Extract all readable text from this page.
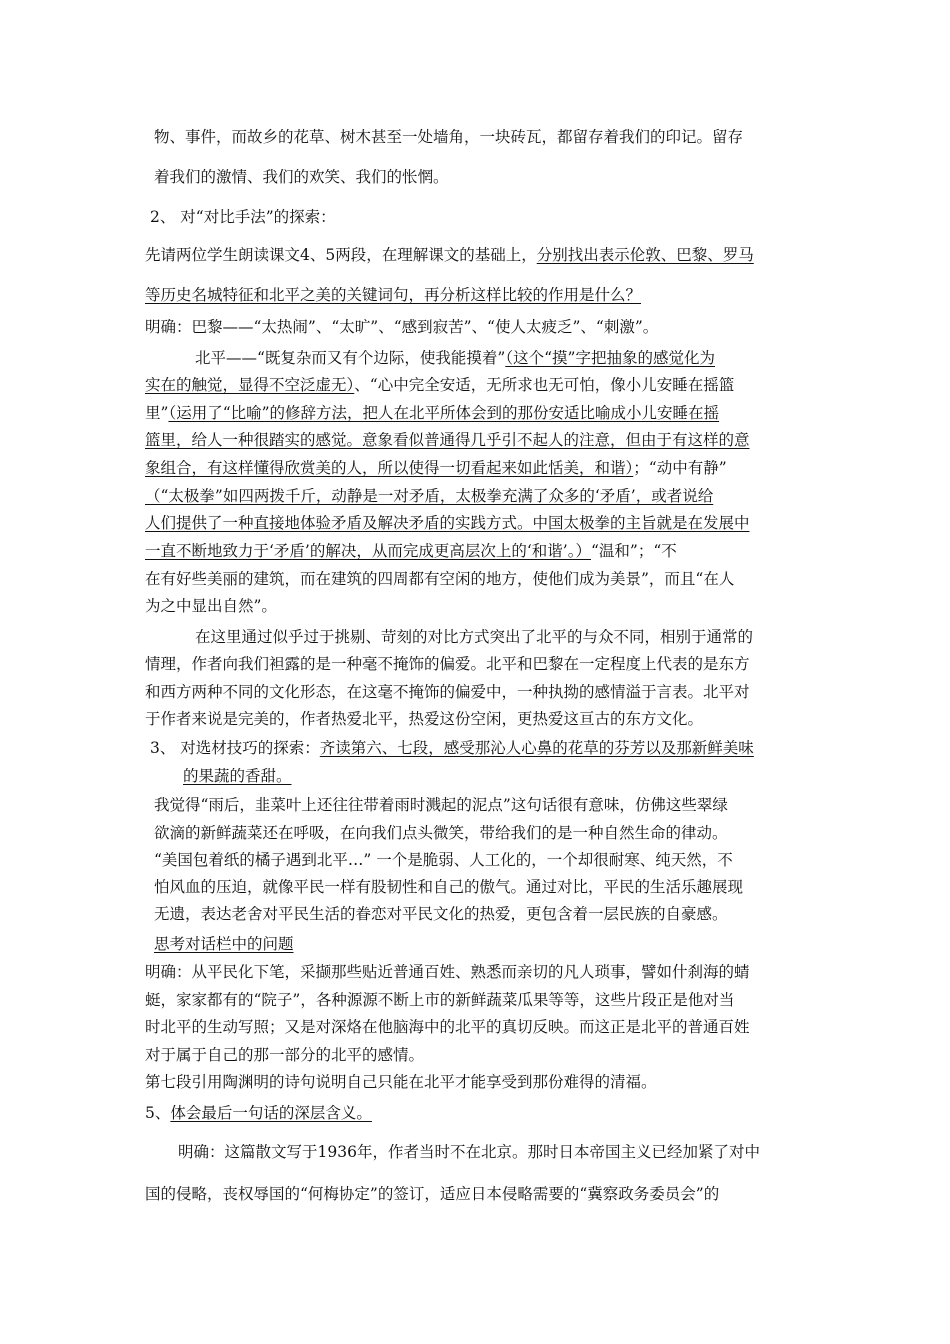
物、事件，而故乡的花草、树木甚至一处墙角，一块砖瓦，都留存着我们的印记。留存
着我们的激情、我们的欢笑、我们的怅惘。
2、 对“对比手法”的探索：
先请两位学生朗读课文4、5两段，在理解课文的基础上，分别找出表示伦敦、巴黎、罗马
等历史名城特征和北平之美的关键词句，再分析这样比较的作用是什么？
明确：巴黎——“太热闹”、“太旷”、“感到寂苦”、“使人太疲乏”、“刺激”。
北平——“既复杂而又有个边际，使我能摸着”（这个“摸”字把抽象的感觉化为
实在的触觉，显得不空泛虚无）、“心中完全安适，无所求也无可怕，像小儿安睡在摇篮
里”（运用了“比喻”的修辞方法，把人在北平所体会到的那份安适比喻成小儿安睡在摇
篮里，给人一种很踏实的感觉。意象看似普通得几乎引不起人的注意，但由于有这样的意
象组合，有这样懂得欣赏美的人，所以使得一切看起来如此恬美，和谐）；“动中有静”
（“太极拳”如四两拨千斤，动静是一对矛盾，太极拳充满了众多的‘矛盾’，或者说给
人们提供了一种直接地体验矛盾及解决矛盾的实践方式。中国太极拳的主旨就是在发展中
一直不断地致力于‘矛盾’的解决，从而完成更高层次上的‘和谐’。）“温和”；“不
在有好些美丽的建筑，而在建筑的四周都有空闲的地方，使他们成为美景”，而且“在人
为之中显出自然”。
在这里通过似乎过于挑剔、苛刻的对比方式突出了北平的与众不同，相别于通常的
情理，作者向我们袒露的是一种毫不掩饰的偏爱。北平和巴黎在一定程度上代表的是东方
和西方两种不同的文化形态，在这毫不掩饰的偏爱中，一种执拗的感情溢于言表。北平对
于作者来说是完美的，作者热爱北平，热爱这份空闲，更热爱这亘古的东方文化。
3、 对选材技巧的探索：齐读第六、七段，感受那沁人心鼻的花草的芬芳以及那新鲜美味
的果蔬的香甜。
我觉得“雨后，韭菜叶上还往往带着雨时溅起的泥点”这句话很有意味，仿佛这些翠绿
欲滴的新鲜蔬菜还在呼吸，在向我们点头微笑，带给我们的是一种自然生命的律动。
“美国包着纸的橘子遇到北平…” 一个是脆弱、人工化的，一个却很耐寒、纯天然，不
怕风血的压迫，就像平民一样有股韧性和自己的傲气。通过对比，平民的生活乐趣展现
无遗，表达老舍对平民生活的眷恋对平民文化的热爱，更包含着一层民族的自豪感。
思考对话栏中的问题
明确：从平民化下笔，采撷那些贴近普通百姓、熟悉而亲切的凡人琐事，譬如什刹海的蜻
蜓，家家都有的“院子”，各种源源不断上市的新鲜蔬菜瓜果等等，这些片段正是他对当
时北平的生动写照；又是对深烙在他脑海中的北平的真切反映。而这正是北平的普通百姓
对于属于自己的那一部分的北平的感情。
第七段引用陶渊明的诗句说明自己只能在北平才能享受到那份难得的清福。
5、体会最后一句话的深层含义。
明确：这篇散文写于1936年，作者当时不在北京。那时日本帝国主义已经加紧了对中
国的侵略，丧权辱国的“何梅协定”的签订，适应日本侵略需要的“冀察政务委员会”的
